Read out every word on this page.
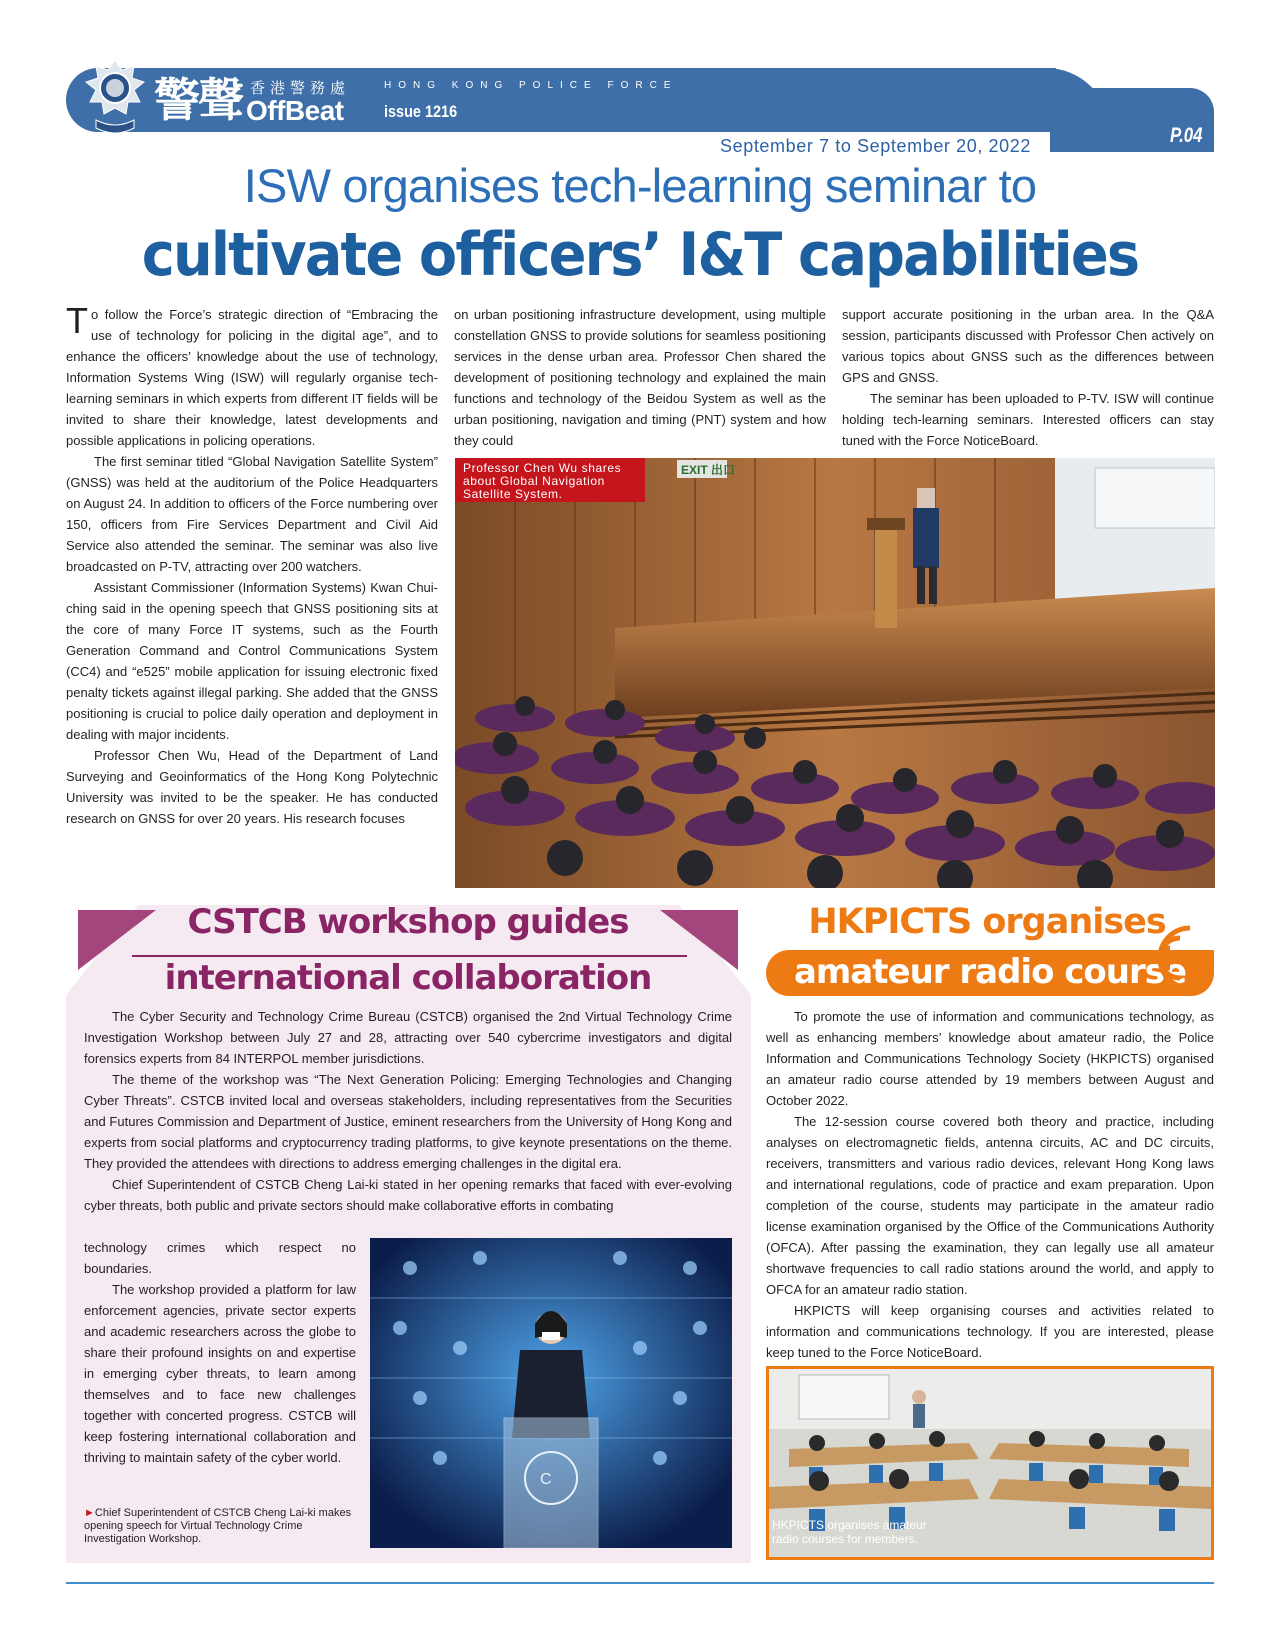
警聲 香港警務處
OffBeat
HONG KONG POLICE FORCE
issue 1216
P.04
September 7 to September 20, 2022
ISW organises tech-learning seminar to
cultivate officers’ I&T capabilities

To follow the Force’s strategic direction of “Embracing the use of technology for policing in the digital age”, and to enhance the officers’ knowledge about the use of technology, Information Systems Wing (ISW) will regularly organise tech-learning seminars in which experts from different IT fields will be invited to share their knowledge, latest developments and possible applications in policing operations.

The first seminar titled “Global Navigation Satellite System” (GNSS) was held at the auditorium of the Police Headquarters on August 24. In addition to officers of the Force numbering over 150, officers from Fire Services Department and Civil Aid Service also attended the seminar. The seminar was also live broadcasted on P-TV, attracting over 200 watchers.

Assistant Commissioner (Information Systems) Kwan Chui-ching said in the opening speech that GNSS positioning sits at the core of many Force IT systems, such as the Fourth Generation Command and Control Communications System (CC4) and “e525” mobile application for issuing electronic fixed penalty tickets against illegal parking. She added that the GNSS positioning is crucial to police daily operation and deployment in dealing with major incidents.

Professor Chen Wu, Head of the Department of Land Surveying and Geoinformatics of the Hong Kong Polytechnic University was invited to be the speaker. He has conducted research on GNSS for over 20 years. His research focuses

on urban positioning infrastructure development, using multiple constellation GNSS to provide solutions for seamless positioning services in the dense urban area. Professor Chen shared the development of positioning technology and explained the main functions and technology of the Beidou System as well as the urban positioning, navigation and timing (PNT) system and how they could

support accurate positioning in the urban area. In the Q&A session, participants discussed with Professor Chen actively on various topics about GNSS such as the differences between GPS and GNSS.

The seminar has been uploaded to P-TV. ISW will continue holding tech-learning seminars. Interested officers can stay tuned with the Force NoticeBoard.

EXIT 出口
Professor Chen Wu shares about Global Navigation Satellite System.
CSTCB workshop guides
international collaboration

The Cyber Security and Technology Crime Bureau (CSTCB) organised the 2nd Virtual Technology Crime Investigation Workshop between July 27 and 28, attracting over 540 cybercrime investigators and digital forensics experts from 84 INTERPOL member jurisdictions.

The theme of the workshop was “The Next Generation Policing: Emerging Technologies and Changing Cyber Threats”. CSTCB invited local and overseas stakeholders, including representatives from the Securities and Futures Commission and Department of Justice, eminent researchers from the University of Hong Kong and experts from social platforms and cryptocurrency trading platforms, to give keynote presentations on the theme. They provided the attendees with directions to address emerging challenges in the digital era.

Chief Superintendent of CSTCB Cheng Lai-ki stated in her opening remarks that faced with ever-evolving cyber threats, both public and private sectors should make collaborative efforts in combating

technology crimes which respect no boundaries.

The workshop provided a platform for law enforcement agencies, private sector experts and academic researchers across the globe to share their profound insights on and expertise in emerging cyber threats, to learn among themselves and to face new challenges together with concerted progress. CSTCB will keep fostering international collaboration and thriving to maintain safety of the cyber world.

C
►Chief Superintendent of CSTCB Cheng Lai-ki makes opening speech for Virtual Technology Crime Investigation Workshop.
HKPICTS organises
amateur radio course

To promote the use of information and communications technology, as well as enhancing members’ knowledge about amateur radio, the Police Information and Communications Technology Society (HKPICTS) organised an amateur radio course attended by 19 members between August and October 2022.

The 12-session course covered both theory and practice, including analyses on electromagnetic fields, antenna circuits, AC and DC circuits, receivers, transmitters and various radio devices, relevant Hong Kong laws and international regulations, code of practice and exam preparation. Upon completion of the course, students may participate in the amateur radio license examination organised by the Office of the Communications Authority (OFCA). After passing the examination, they can legally use all amateur shortwave frequencies to call radio stations around the world, and apply to OFCA for an amateur radio station.

HKPICTS will keep organising courses and activities related to information and communications technology. If you are interested, please keep tuned to the Force NoticeBoard.

HKPICTS organises amateur radio courses for members.
